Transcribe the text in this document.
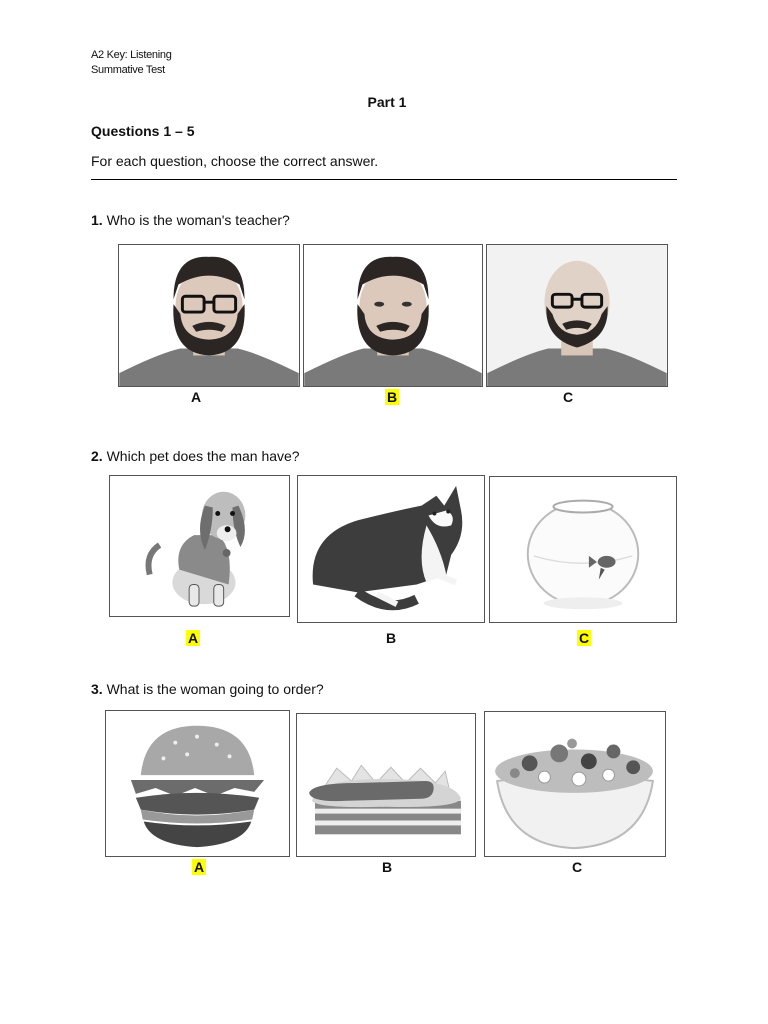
A2 Key: Listening
Summative Test
Part 1
Questions 1 – 5
For each question, choose the correct answer.
1. Who is the woman's teacher?
A	B	C
2. Which pet does the man have?
A	B	C
3. What is the woman going to order?
A	B	C
